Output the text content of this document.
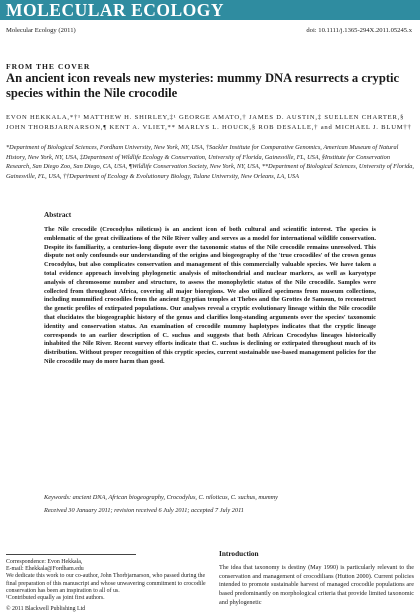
MOLECULAR ECOLOGY
Molecular Ecology (2011)	doi: 10.1111/j.1365-294X.2011.05245.x
FROM THE COVER
An ancient icon reveals new mysteries: mummy DNA resurrects a cryptic species within the Nile crocodile
EVON HEKKALA,*†¹ MATTHEW H. SHIRLEY,‡¹ GEORGE AMATO,† JAMES D. AUSTIN,‡ SUELLEN CHARTER,§ JOHN THORBJARNARSON,¶ KENT A. VLIET,** MARLYS L. HOUCK,§ ROB DESALLE,† and MICHAEL J. BLUM††
*Department of Biological Sciences, Fordham University, New York, NY, USA, †Sackler Institute for Comparative Genomics, American Museum of Natural History, New York, NY, USA, ‡Department of Wildlife Ecology & Conservation, University of Florida, Gainesville, FL, USA, §Institute for Conservation Research, San Diego Zoo, San Diego, CA, USA, ¶Wildlife Conservation Society, New York, NY, USA, **Department of Biological Sciences, University of Florida, Gainesville, FL, USA, ††Department of Ecology & Evolutionary Biology, Tulane University, New Orleans, LA, USA
Abstract
The Nile crocodile (Crocodylus niloticus) is an ancient icon of both cultural and scientific interest. The species is emblematic of the great civilizations of the Nile River valley and serves as a model for international wildlife conservation. Despite its familiarity, a centuries-long dispute over the taxonomic status of the Nile crocodile remains unresolved. This dispute not only confounds our understanding of the origins and biogeography of the 'true crocodiles' of the crown genus Crocodylus, but also complicates conservation and management of this commercially valuable species. We have taken a total evidence approach involving phylogenetic analysis of mitochondrial and nuclear markers, as well as karyotype analysis of chromosome number and structure, to assess the monophyletic status of the Nile crocodile. Samples were collected from throughout Africa, covering all major bioregions. We also utilized specimens from museum collections, including mummified crocodiles from the ancient Egyptian temples at Thebes and the Grottes de Samoun, to reconstruct the genetic profiles of extirpated populations. Our analyses reveal a cryptic evolutionary lineage within the Nile crocodile that elucidates the biogeographic history of the genus and clarifies long-standing arguments over the species' taxonomic identity and conservation status. An examination of crocodile mummy haplotypes indicates that the cryptic lineage corresponds to an earlier description of C. suchus and suggests that both African Crocodylus lineages historically inhabited the Nile River. Recent survey efforts indicate that C. suchus is declining or extirpated throughout much of its distribution. Without proper recognition of this cryptic species, current sustainable use-based management policies for the Nile crocodile may do more harm than good.
Keywords: ancient DNA, African biogeography, Crocodylus, C. niloticus, C. suchus, mummy
Received 30 January 2011; revision received 6 July 2011; accepted 7 July 2011
Correspondence: Evon Hekkala,
E-mail: Ehekkala@Fordham.edu
We dedicate this work to our co-author, John Thorbjarnarson, who passed during the final preparation of this manuscript and whose unwavering commitment to crocodile conservation has been an inspiration to all of us.
¹Contributed equally as joint first authors.
Introduction
The idea that taxonomy is destiny (May 1990) is particularly relevant to the conservation and management of crocodilians (Hutton 2000). Current policies intended to promote sustainable harvest of managed crocodile populations are based predominantly on morphological criteria that provide limited taxonomic and phylogenetic
© 2011 Blackwell Publishing Ltd
